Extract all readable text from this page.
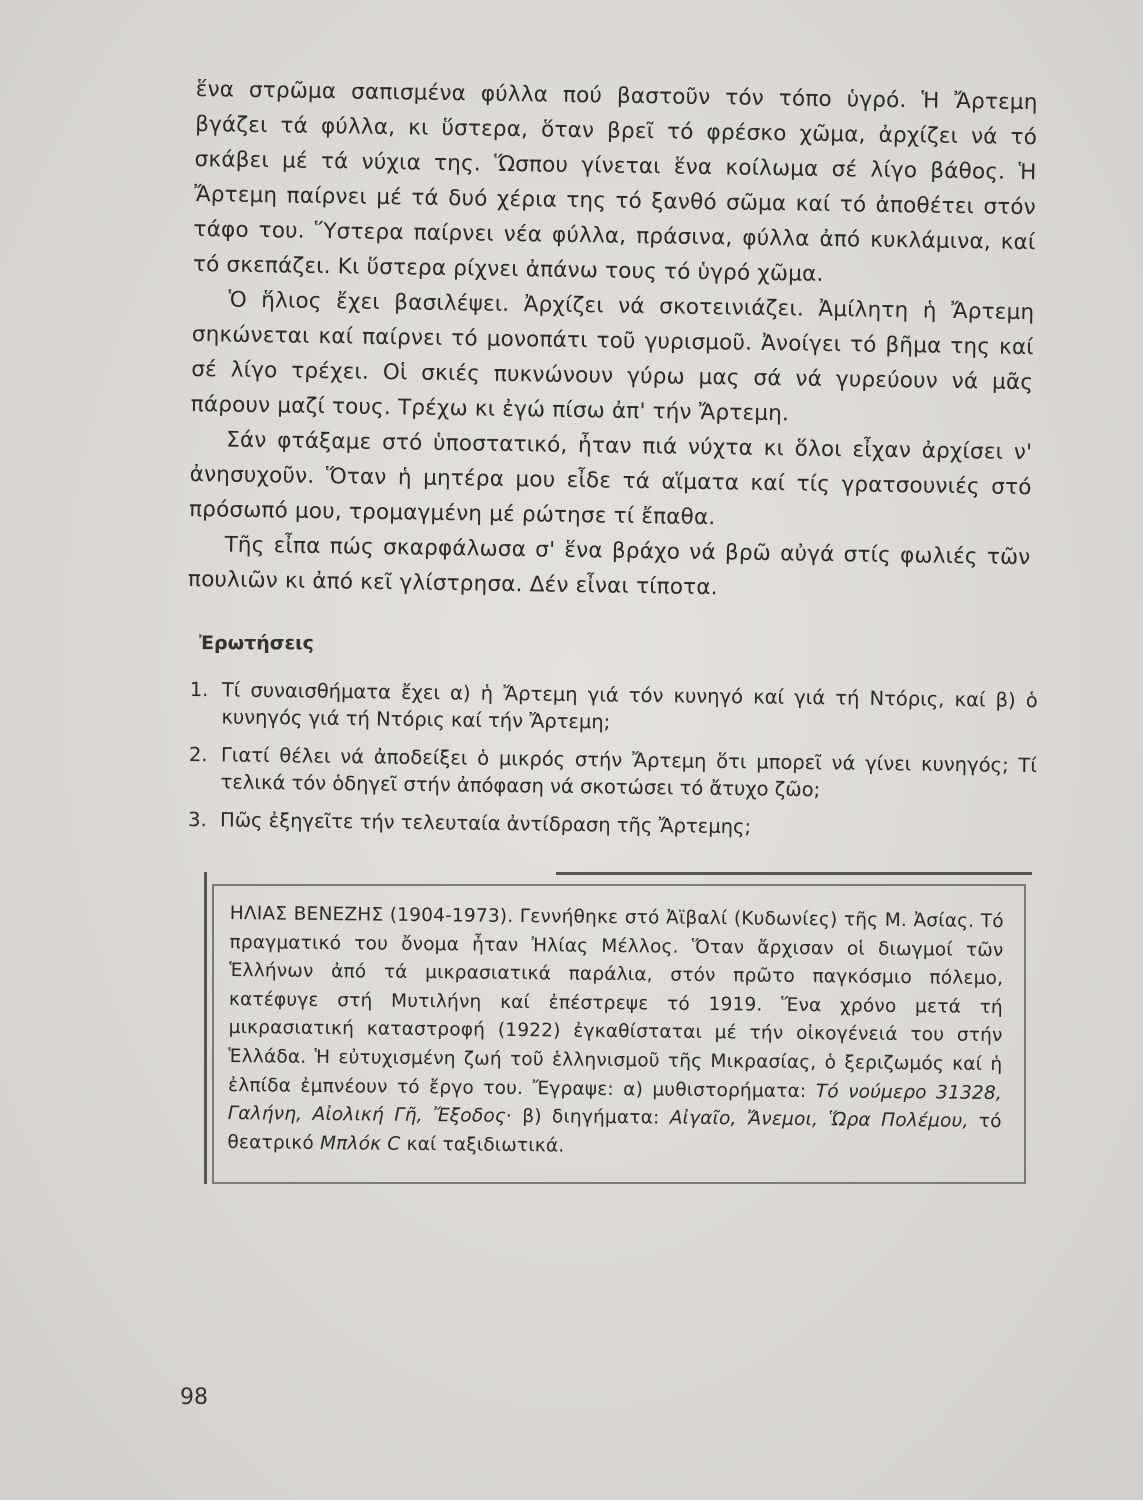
ἕνα στρῶμα σαπισμένα φύλλα πού βαστοῦν τόν τόπο ὑγρό. Ἡ Ἄρτεμη βγάζει τά φύλλα, κι ὕστερα, ὅταν βρεῖ τό φρέσκο χῶμα, ἀρχίζει νά τό σκάβει μέ τά νύχια της. Ὥσπου γίνεται ἕνα κοίλωμα σέ λίγο βάθος. Ἡ Ἄρτεμη παίρνει μέ τά δυό χέρια της τό ξανθό σῶμα καί τό ἀποθέτει στόν τάφο του. Ὕστερα παίρνει νέα φύλλα, πράσινα, φύλλα ἀπό κυκλάμινα, καί τό σκεπάζει. Κι ὕστερα ρίχνει ἀπάνω τους τό ὑγρό χῶμα.

Ὁ ἥλιος ἔχει βασιλέψει. Ἀρχίζει νά σκοτεινιάζει. Ἀμίλητη ἡ Ἄρτεμη σηκώνεται καί παίρνει τό μονοπάτι τοῦ γυρισμοῦ. Ἀνοίγει τό βῆμα της καί σέ λίγο τρέχει. Οἱ σκιές πυκνώνουν γύρω μας σά νά γυρεύουν νά μᾶς πάρουν μαζί τους. Τρέχω κι ἐγώ πίσω ἀπ' τήν Ἄρτεμη.

Σάν φτάξαμε στό ὑποστατικό, ἦταν πιά νύχτα κι ὅλοι εἶχαν ἀρχίσει ν' ἀνησυχοῦν. Ὅταν ἡ μητέρα μου εἶδε τά αἵματα καί τίς γρατσουνιές στό πρόσωπό μου, τρομαγμένη μέ ρώτησε τί ἔπαθα.

Τῆς εἶπα πώς σκαρφάλωσα σ' ἕνα βράχο νά βρῶ αὐγά στίς φωλιές τῶν πουλιῶν κι ἀπό κεῖ γλίστρησα. Δέν εἶναι τίποτα.

Ἐρωτήσεις
1. Τί συναισθήματα ἔχει α) ἡ Ἄρτεμη γιά τόν κυνηγό καί γιά τή Ντόρις, καί β) ὁ κυνηγός γιά τή Ντόρις καί τήν Ἄρτεμη;
2. Γιατί θέλει νά ἀποδείξει ὁ μικρός στήν Ἄρτεμη ὅτι μπορεῖ νά γίνει κυνηγός; Τί τελικά τόν ὁδηγεῖ στήν ἀπόφαση νά σκοτώσει τό ἄτυχο ζῶο;
3. Πῶς ἐξηγεῖτε τήν τελευταία ἀντίδραση τῆς Ἄρτεμης;
ΗΛΙΑΣ ΒΕΝΕΖΗΣ (1904-1973). Γεννήθηκε στό Ἀϊβαλί (Κυδωνίες) τῆς Μ. Ἀσίας. Τό πραγματικό του ὄνομα ἦταν Ἠλίας Μέλλος. Ὅταν ἄρχισαν οἱ διωγμοί τῶν Ἑλλήνων ἀπό τά μικρασιατικά παράλια, στόν πρῶτο παγκόσμιο πόλεμο, κατέφυγε στή Μυτιλήνη καί ἐπέστρεψε τό 1919. Ἕνα χρόνο μετά τή μικρασιατική καταστροφή (1922) ἐγκαθίσταται μέ τήν οἰκογένειά του στήν Ἑλλάδα. Ἡ εὐτυχισμένη ζωή τοῦ ἑλληνισμοῦ τῆς Μικρασίας, ὁ ξεριζωμός καί ἡ ἐλπίδα ἐμπνέουν τό ἔργο του. Ἔγραψε: α) μυθιστορήματα: Τό νούμερο 31328, Γαλήνη, Αἰολική Γῆ, Ἔξοδος· β) διηγήματα: Αἰγαῖο, Ἄνεμοι, Ὥρα Πολέμου, τό θεατρικό Μπλόκ C καί ταξιδιωτικά.
98
